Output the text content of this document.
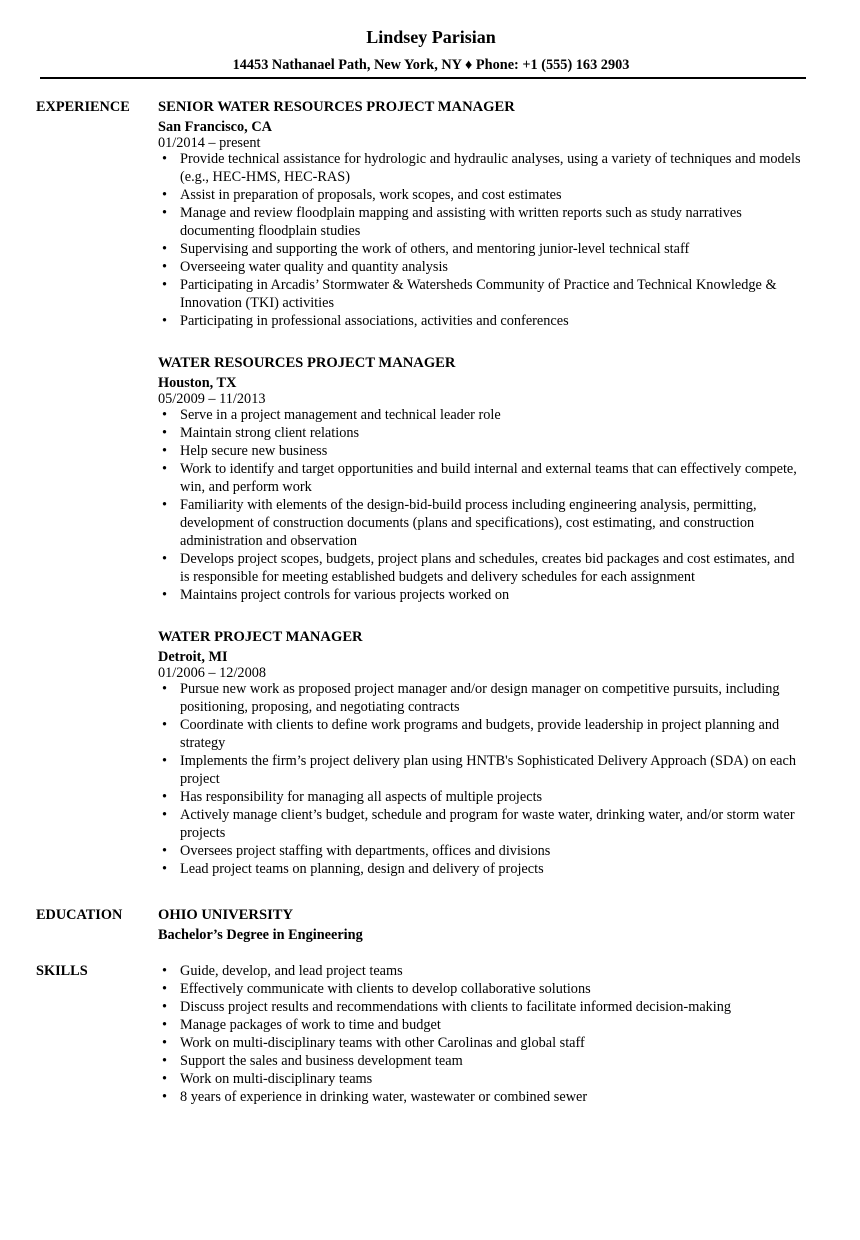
Lindsey Parisian
14453 Nathanael Path, New York, NY ♦ Phone: +1 (555) 163 2903
EXPERIENCE	SENIOR WATER RESOURCES PROJECT MANAGER
San Francisco, CA
01/2014 – present
• Provide technical assistance for hydrologic and hydraulic analyses, using a variety of techniques and models (e.g., HEC-HMS, HEC-RAS)
• Assist in preparation of proposals, work scopes, and cost estimates
• Manage and review floodplain mapping and assisting with written reports such as study narratives documenting floodplain studies
• Supervising and supporting the work of others, and mentoring junior-level technical staff
• Overseeing water quality and quantity analysis
• Participating in Arcadis’ Stormwater & Watersheds Community of Practice and Technical Knowledge & Innovation (TKI) activities
• Participating in professional associations, activities and conferences
WATER RESOURCES PROJECT MANAGER
Houston, TX
05/2009 – 11/2013
• Serve in a project management and technical leader role
• Maintain strong client relations
• Help secure new business
• Work to identify and target opportunities and build internal and external teams that can effectively compete, win, and perform work
• Familiarity with elements of the design-bid-build process including engineering analysis, permitting, development of construction documents (plans and specifications), cost estimating, and construction administration and observation
• Develops project scopes, budgets, project plans and schedules, creates bid packages and cost estimates, and is responsible for meeting established budgets and delivery schedules for each assignment
• Maintains project controls for various projects worked on
WATER PROJECT MANAGER
Detroit, MI
01/2006 – 12/2008
• Pursue new work as proposed project manager and/or design manager on competitive pursuits, including positioning, proposing, and negotiating contracts
• Coordinate with clients to define work programs and budgets, provide leadership in project planning and strategy
• Implements the firm’s project delivery plan using HNTB's Sophisticated Delivery Approach (SDA) on each project
• Has responsibility for managing all aspects of multiple projects
• Actively manage client’s budget, schedule and program for waste water, drinking water, and/or storm water projects
• Oversees project staffing with departments, offices and divisions
• Lead project teams on planning, design and delivery of projects
EDUCATION	OHIO UNIVERSITY
Bachelor’s Degree in Engineering
SKILLS	• Guide, develop, and lead project teams
• Effectively communicate with clients to develop collaborative solutions
• Discuss project results and recommendations with clients to facilitate informed decision-making
• Manage packages of work to time and budget
• Work on multi-disciplinary teams with other Carolinas and global staff
• Support the sales and business development team
• Work on multi-disciplinary teams
• 8 years of experience in drinking water, wastewater or combined sewer
